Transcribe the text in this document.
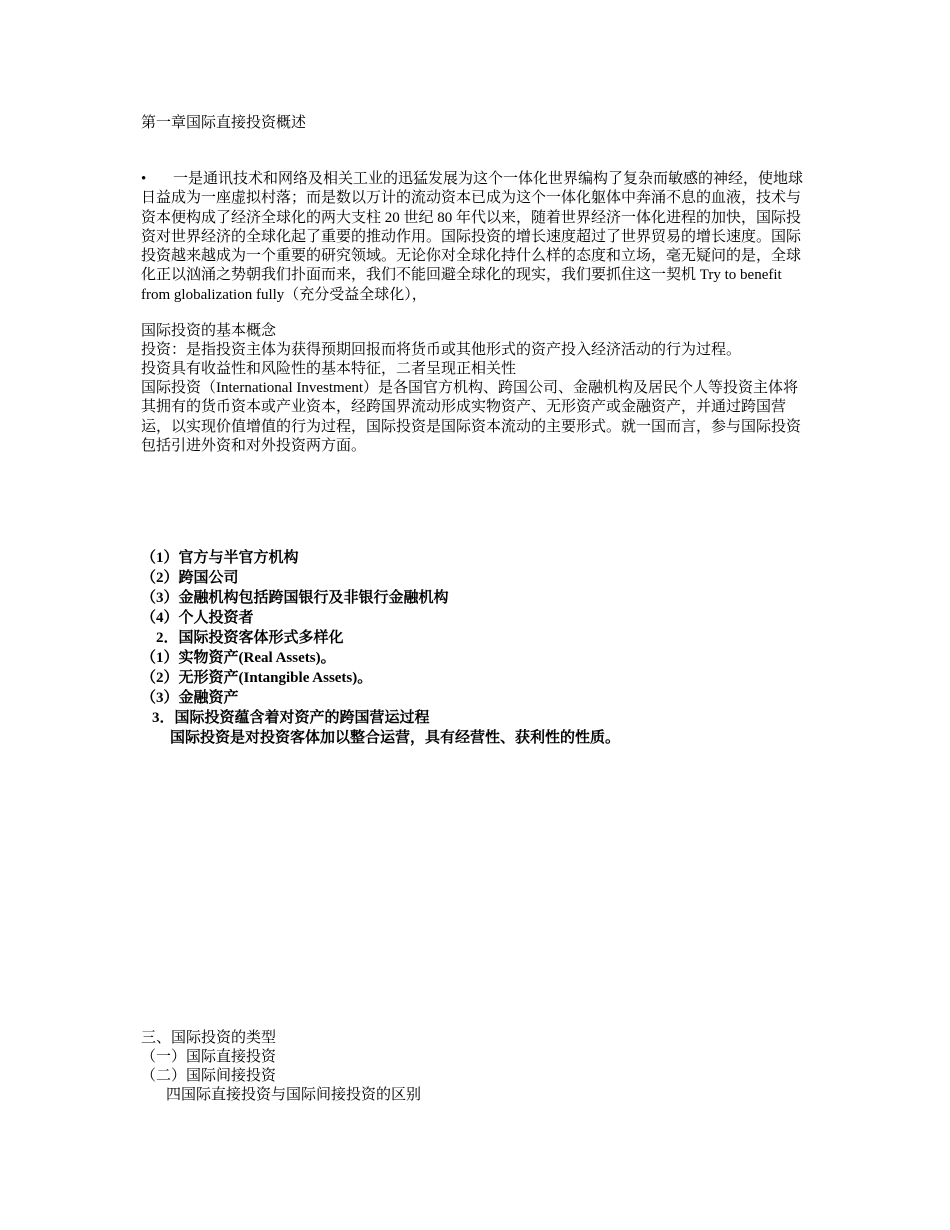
第一章国际直接投资概述
• 一是通讯技术和网络及相关工业的迅猛发展为这个一体化世界编构了复杂而敏感的神经，使地球日益成为一座虚拟村落；而是数以万计的流动资本已成为这个一体化躯体中奔涌不息的血液，技术与资本便构成了经济全球化的两大支柱 20 世纪 80 年代以来，随着世界经济一体化进程的加快，国际投资对世界经济的全球化起了重要的推动作用。国际投资的增长速度超过了世界贸易的增长速度。国际投资越来越成为一个重要的研究领域。无论你对全球化持什么样的态度和立场，毫无疑问的是，全球化正以汹涌之势朝我们扑面而来，我们不能回避全球化的现实，我们要抓住这一契机 Try to benefit from globalization fully（充分受益全球化），
国际投资的基本概念
投资：是指投资主体为获得预期回报而将货币或其他形式的资产投入经济活动的行为过程。
投资具有收益性和风险性的基本特征，二者呈现正相关性
国际投资（International Investment）是各国官方机构、跨国公司、金融机构及居民个人等投资主体将其拥有的货币资本或产业资本，经跨国界流动形成实物资产、无形资产或金融资产，并通过跨国营运，以实现价值增值的行为过程，国际投资是国际资本流动的主要形式。就一国而言，参与国际投资包括引进外资和对外投资两方面。
（1）官方与半官方机构
（2）跨国公司
（3）金融机构包括跨国银行及非银行金融机构
（4）个人投资者
2．国际投资客体形式多样化
（1）实物资产(Real Assets)。
（2）无形资产(Intangible Assets)。
（3）金融资产
3．国际投资蕴含着对资产的跨国营运过程
国际投资是对投资客体加以整合运营，具有经营性、获利性的性质。
三、国际投资的类型
（一）国际直接投资
（二）国际间接投资
四国际直接投资与国际间接投资的区别
